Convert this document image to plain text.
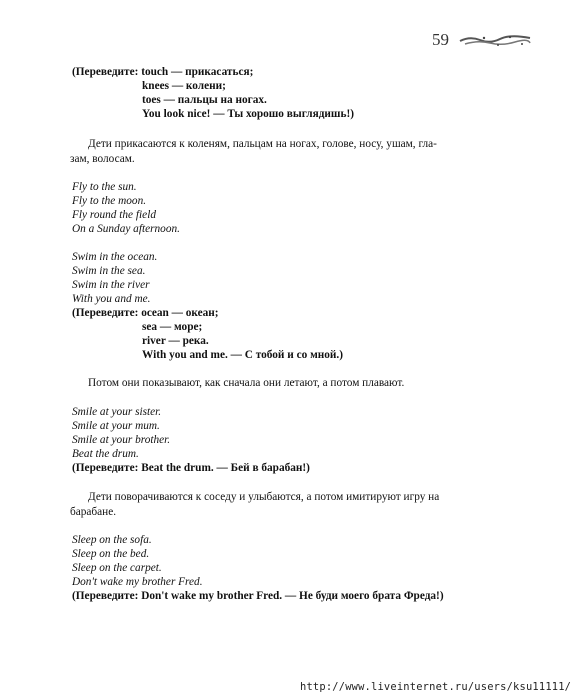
59
(Переведите: touch — прикасаться;
knees — колени;
toes — пальцы на ногах.
You look nice! — Ты хорошо выглядишь!)
Дети прикасаются к коленям, пальцам на ногах, голове, носу, ушам, гла-
зам, волосам.
Fly to the sun.
Fly to the moon.
Fly round the field
On a Sunday afternoon.
Swim in the ocean.
Swim in the sea.
Swim in the river
With you and me.
(Переведите: ocean — океан;
sea — море;
river — река.
With you and me. — С тобой и со мной.)
Потом они показывают, как сначала они летают, а потом плавают.
Smile at your sister.
Smile at your mum.
Smile at your brother.
Beat the drum.
(Переведите: Beat the drum. — Бей в барабан!)
Дети поворачиваются к соседу и улыбаются, а потом имитируют игру на
барабане.
Sleep on the sofa.
Sleep on the bed.
Sleep on the carpet.
Don't wake my brother Fred.
(Переведите: Don't wake my brother Fred. — Не буди моего брата Фреда!)
http://www.liveinternet.ru/users/ksu11111/
